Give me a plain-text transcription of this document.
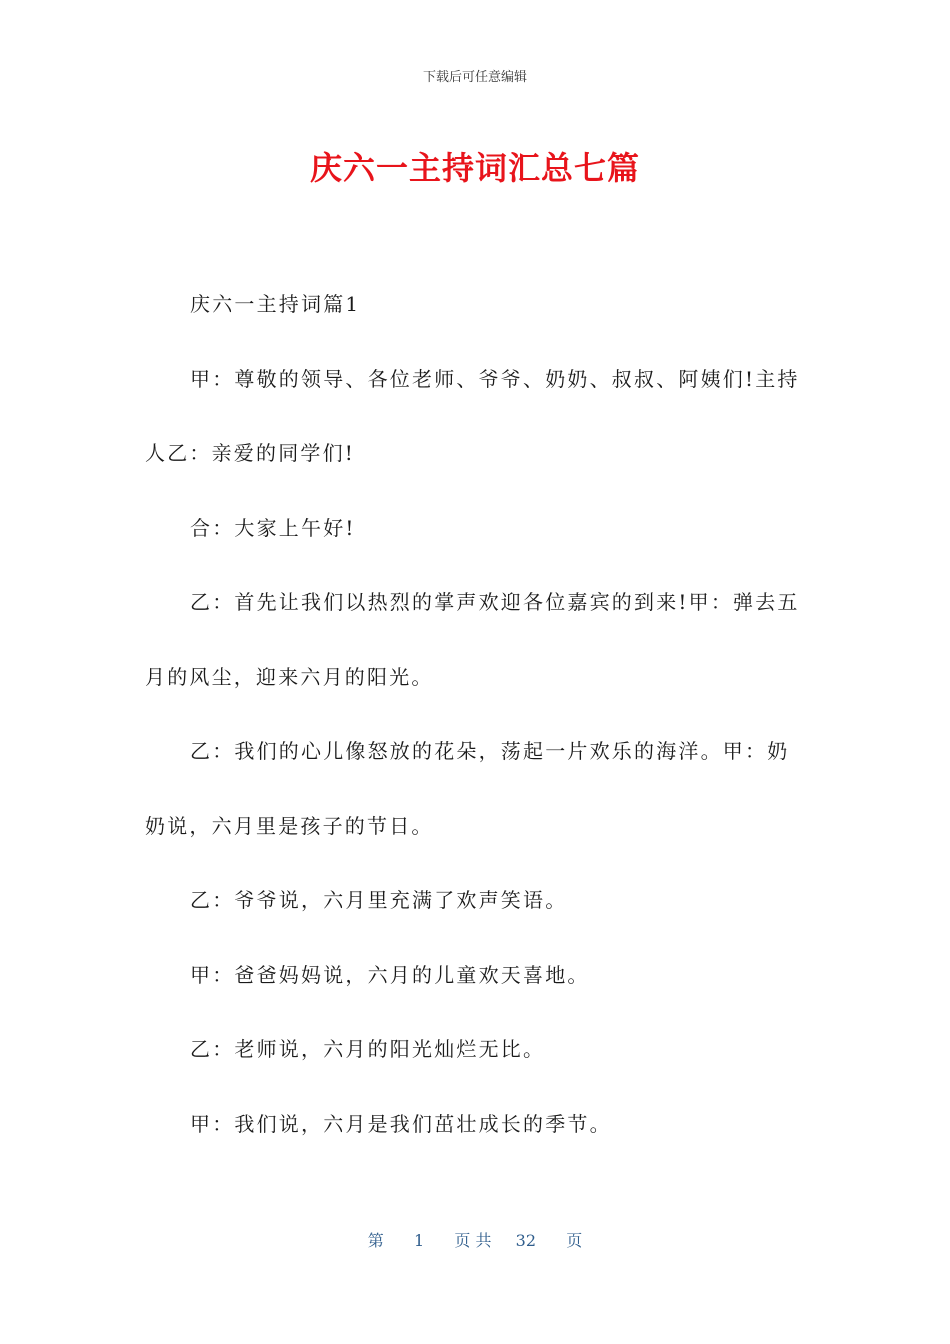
下载后可任意编辑
庆六一主持词汇总七篇

庆六一主持词篇1

甲：尊敬的领导、各位老师、爷爷、奶奶、叔叔、阿姨们!主持人乙：亲爱的同学们!

合：大家上午好!

乙：首先让我们以热烈的掌声欢迎各位嘉宾的到来!甲：弹去五月的风尘，迎来六月的阳光。

乙：我们的心儿像怒放的花朵，荡起一片欢乐的海洋。甲：奶奶说，六月里是孩子的节日。

乙：爷爷说，六月里充满了欢声笑语。

甲：爸爸妈妈说，六月的儿童欢天喜地。

乙：老师说，六月的阳光灿烂无比。

甲：我们说，六月是我们茁壮成长的季节。

第 1 页 共 32 页
